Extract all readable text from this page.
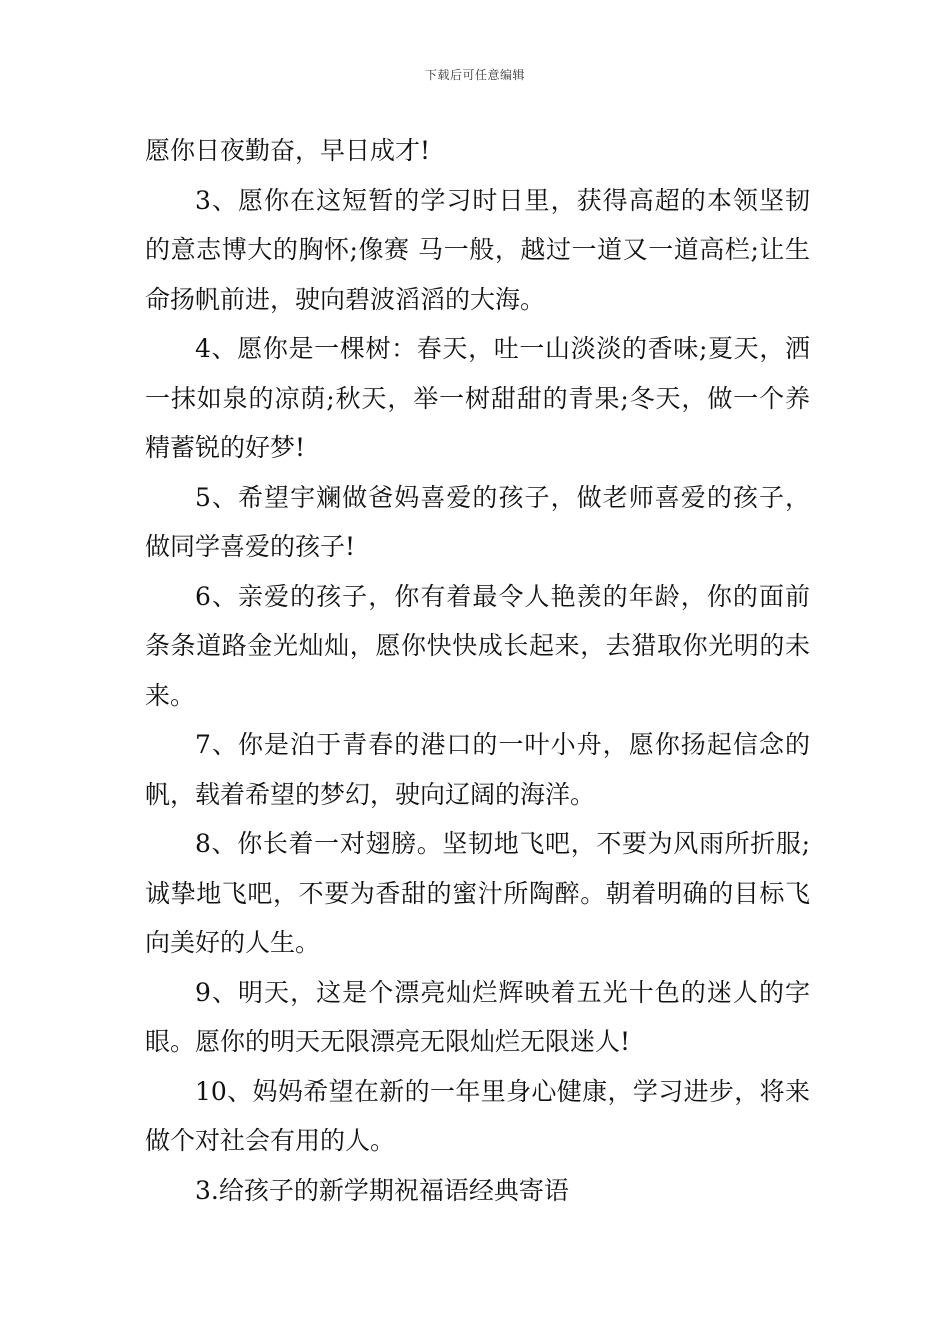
下载后可任意编辑

愿你日夜勤奋，早日成才!

3、愿你在这短暂的学习时日里，获得高超的本领坚韧的意志博大的胸怀;像赛 马一般，越过一道又一道高栏;让生命扬帆前进，驶向碧波滔滔的大海。

4、愿你是一棵树：春天，吐一山淡淡的香味;夏天，洒一抹如泉的凉荫;秋天，举一树甜甜的青果;冬天，做一个养精蓄锐的好梦!

5、希望宇斓做爸妈喜爱的孩子，做老师喜爱的孩子，做同学喜爱的孩子!

6、亲爱的孩子，你有着最令人艳羡的年龄，你的面前条条道路金光灿灿，愿你快快成长起来，去猎取你光明的未来。

7、你是泊于青春的港口的一叶小舟，愿你扬起信念的帆，载着希望的梦幻，驶向辽阔的海洋。

8、你长着一对翅膀。坚韧地飞吧，不要为风雨所折服;诚挚地飞吧，不要为香甜的蜜汁所陶醉。朝着明确的目标飞向美好的人生。

9、明天，这是个漂亮灿烂辉映着五光十色的迷人的字眼。愿你的明天无限漂亮无限灿烂无限迷人!

10、妈妈希望在新的一年里身心健康，学习进步，将来做个对社会有用的人。

3.给孩子的新学期祝福语经典寄语
